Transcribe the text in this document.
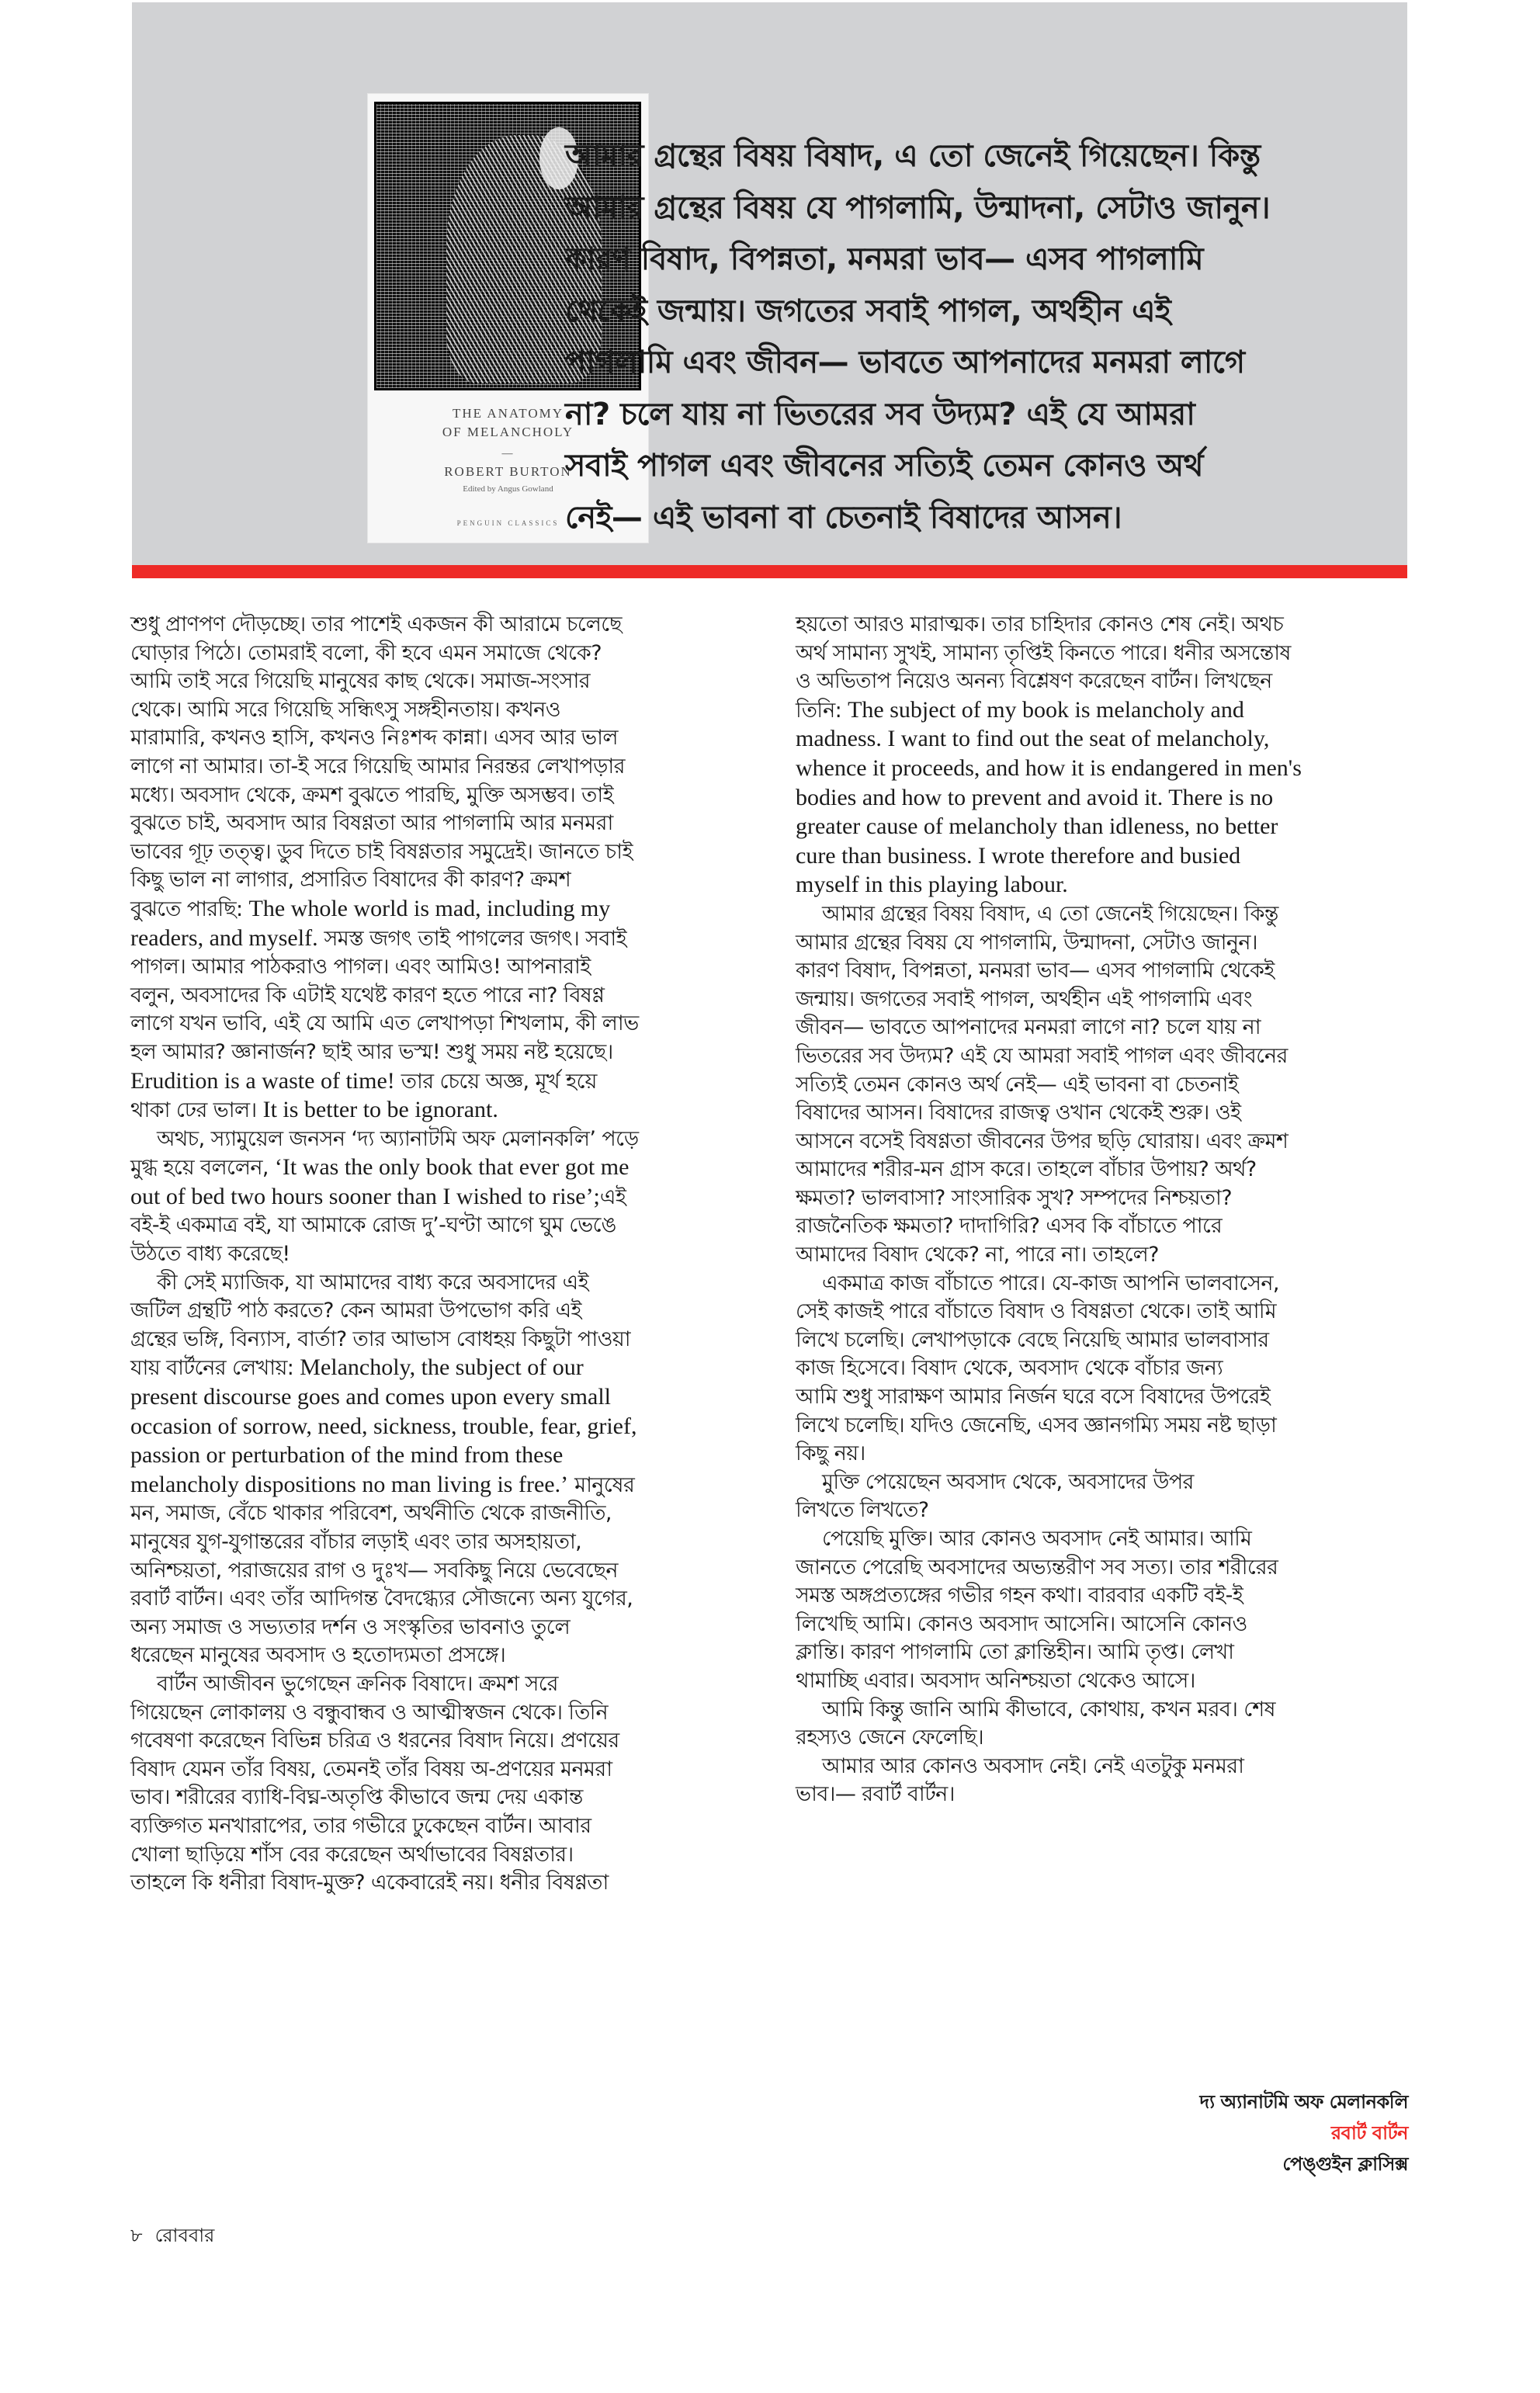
THE ANATOMY
OF MELANCHOLY
—
ROBERT BURTON
Edited by Angus Gowland
PENGUIN CLASSICS
আমার গ্রন্থের বিষয় বিষাদ, এ তো জেনেই গিয়েছেন। কিন্তু
আমার গ্রন্থের বিষয় যে পাগলামি, উন্মাদনা, সেটাও জানুন।
কারণ বিষাদ, বিপন্নতা, মনমরা ভাব— এসব পাগলামি
থেকেই জন্মায়। জগতের সবাই পাগল, অর্থহীন এই
পাগলামি এবং জীবন— ভাবতে আপনাদের মনমরা লাগে
না? চলে যায় না ভিতরের সব উদ্যম? এই যে আমরা
সবাই পাগল এবং জীবনের সত্যিই তেমন কোনও অর্থ
নেই— এই ভাবনা বা চেতনাই বিষাদের আসন।
শুধু প্রাণপণ দৌড়চ্ছে। তার পাশেই একজন কী আরামে চলেছে
ঘোড়ার পিঠে। তোমরাই বলো, কী হবে এমন সমাজে থেকে?
আমি তাই সরে গিয়েছি মানুষের কাছ থেকে। সমাজ-সংসার
থেকে। আমি সরে গিয়েছি সন্ধিৎসু সঙ্গহীনতায়। কখনও
মারামারি, কখনও হাসি, কখনও নিঃশব্দ কান্না। এসব আর ভাল
লাগে না আমার। তা-ই সরে গিয়েছি আমার নিরন্তর লেখাপড়ার
মধ্যে। অবসাদ থেকে, ক্রমশ বুঝতে পারছি, মুক্তি অসম্ভব। তাই
বুঝতে চাই, অবসাদ আর বিষণ্ণতা আর পাগলামি আর মনমরা
ভাবের গূঢ় তত্ত্ব। ডুব দিতে চাই বিষণ্ণতার সমুদ্রেই। জানতে চাই
কিছু ভাল না লাগার, প্রসারিত বিষাদের কী কারণ? ক্রমশ
বুঝতে পারছি: The whole world is mad, including my
readers, and myself. সমস্ত জগৎ তাই পাগলের জগৎ। সবাই
পাগল। আমার পাঠকরাও পাগল। এবং আমিও! আপনারাই
বলুন, অবসাদের কি এটাই যথেষ্ট কারণ হতে পারে না? বিষণ্ণ
লাগে যখন ভাবি, এই যে আমি এত লেখাপড়া শিখলাম, কী লাভ
হল আমার? জ্ঞানার্জন? ছাই আর ভস্ম! শুধু সময় নষ্ট হয়েছে।
Erudition is a waste of time! তার চেয়ে অজ্ঞ, মূর্খ হয়ে
থাকা ঢের ভাল। It is better to be ignorant.
অথচ, স্যামুয়েল জনসন ‘দ্য অ্যানাটমি অফ মেলানকলি’ পড়ে
মুগ্ধ হয়ে বললেন, ‘It was the only book that ever got me
out of bed two hours sooner than I wished to rise’;এই
বই-ই একমাত্র বই, যা আমাকে রোজ দু’-ঘণ্টা আগে ঘুম ভেঙে
উঠতে বাধ্য করেছে!
কী সেই ম্যাজিক, যা আমাদের বাধ্য করে অবসাদের এই
জটিল গ্রন্থটি পাঠ করতে? কেন আমরা উপভোগ করি এই
গ্রন্থের ভঙ্গি, বিন্যাস, বার্তা? তার আভাস বোধহয় কিছুটা পাওয়া
যায় বার্টনের লেখায়: Melancholy, the subject of our
present discourse goes and comes upon every small
occasion of sorrow, need, sickness, trouble, fear, grief,
passion or perturbation of the mind from these
melancholy dispositions no man living is free.’ মানুষের
মন, সমাজ, বেঁচে থাকার পরিবেশ, অর্থনীতি থেকে রাজনীতি,
মানুষের যুগ-যুগান্তরের বাঁচার লড়াই এবং তার অসহায়তা,
অনিশ্চয়তা, পরাজয়ের রাগ ও দুঃখ— সবকিছু নিয়ে ভেবেছেন
রবার্ট বার্টন। এবং তাঁর আদিগন্ত বৈদগ্ধ্যের সৌজন্যে অন্য যুগের,
অন্য সমাজ ও সভ্যতার দর্শন ও সংস্কৃতির ভাবনাও তুলে
ধরেছেন মানুষের অবসাদ ও হতোদ্যমতা প্রসঙ্গে।
বার্টন আজীবন ভুগেছেন ক্রনিক বিষাদে। ক্রমশ সরে
গিয়েছেন লোকালয় ও বন্ধুবান্ধব ও আত্মীস্বজন থেকে। তিনি
গবেষণা করেছেন বিভিন্ন চরিত্র ও ধরনের বিষাদ নিয়ে। প্রণয়ের
বিষাদ যেমন তাঁর বিষয়, তেমনই তাঁর বিষয় অ-প্রণয়ের মনমরা
ভাব। শরীরের ব্যাধি-বিঘ্ন-অতৃপ্তি কীভাবে জন্ম দেয় একান্ত
ব্যক্তিগত মনখারাপের, তার গভীরে ঢুকেছেন বার্টন। আবার
খোলা ছাড়িয়ে শাঁস বের করেছেন অর্থাভাবের বিষণ্ণতার।
তাহলে কি ধনীরা বিষাদ-মুক্ত? একেবারেই নয়। ধনীর বিষণ্ণতা
হয়তো আরও মারাত্মক। তার চাহিদার কোনও শেষ নেই। অথচ
অর্থ সামান্য সুখই, সামান্য তৃপ্তিই কিনতে পারে। ধনীর অসন্তোষ
ও অভিতাপ নিয়েও অনন্য বিশ্লেষণ করেছেন বার্টন। লিখছেন
তিনি: The subject of my book is melancholy and
madness. I want to find out the seat of melancholy,
whence it proceeds, and how it is endangered in men's
bodies and how to prevent and avoid it. There is no
greater cause of melancholy than idleness, no better
cure than business. I wrote therefore and busied
myself in this playing labour.
আমার গ্রন্থের বিষয় বিষাদ, এ তো জেনেই গিয়েছেন। কিন্তু
আমার গ্রন্থের বিষয় যে পাগলামি, উন্মাদনা, সেটাও জানুন।
কারণ বিষাদ, বিপন্নতা, মনমরা ভাব— এসব পাগলামি থেকেই
জন্মায়। জগতের সবাই পাগল, অর্থহীন এই পাগলামি এবং
জীবন— ভাবতে আপনাদের মনমরা লাগে না? চলে যায় না
ভিতরের সব উদ্যম? এই যে আমরা সবাই পাগল এবং জীবনের
সত্যিই তেমন কোনও অর্থ নেই— এই ভাবনা বা চেতনাই
বিষাদের আসন। বিষাদের রাজত্ব ওখান থেকেই শুরু। ওই
আসনে বসেই বিষণ্ণতা জীবনের উপর ছড়ি ঘোরায়। এবং ক্রমশ
আমাদের শরীর-মন গ্রাস করে। তাহলে বাঁচার উপায়? অর্থ?
ক্ষমতা? ভালবাসা? সাংসারিক সুখ? সম্পদের নিশ্চয়তা?
রাজনৈতিক ক্ষমতা? দাদাগিরি? এসব কি বাঁচাতে পারে
আমাদের বিষাদ থেকে? না, পারে না। তাহলে?
একমাত্র কাজ বাঁচাতে পারে। যে-কাজ আপনি ভালবাসেন,
সেই কাজই পারে বাঁচাতে বিষাদ ও বিষণ্ণতা থেকে। তাই আমি
লিখে চলেছি। লেখাপড়াকে বেছে নিয়েছি আমার ভালবাসার
কাজ হিসেবে। বিষাদ থেকে, অবসাদ থেকে বাঁচার জন্য
আমি শুধু সারাক্ষণ আমার নির্জন ঘরে বসে বিষাদের উপরেই
লিখে চলেছি। যদিও জেনেছি, এসব জ্ঞানগম্যি সময় নষ্ট ছাড়া
কিছু নয়।
মুক্তি পেয়েছেন অবসাদ থেকে, অবসাদের উপর
লিখতে লিখতে?
পেয়েছি মুক্তি। আর কোনও অবসাদ নেই আমার। আমি
জানতে পেরেছি অবসাদের অভ্যন্তরীণ সব সত্য। তার শরীরের
সমস্ত অঙ্গপ্রত্যঙ্গের গভীর গহন কথা। বারবার একটি বই-ই
লিখেছি আমি। কোনও অবসাদ আসেনি। আসেনি কোনও
ক্লান্তি। কারণ পাগলামি তো ক্লান্তিহীন। আমি তৃপ্ত। লেখা
থামাচ্ছি এবার। অবসাদ অনিশ্চয়তা থেকেও আসে।
আমি কিন্তু জানি আমি কীভাবে, কোথায়, কখন মরব। শেষ
রহস্যও জেনে ফেলেছি।
আমার আর কোনও অবসাদ নেই। নেই এতটুকু মনমরা
ভাব।— রবার্ট বার্টন।
দ্য অ্যানাটমি অফ মেলানকলি
রবার্ট বার্টন
পেঙ্গুইন ক্লাসিক্স
৮ রোববার
